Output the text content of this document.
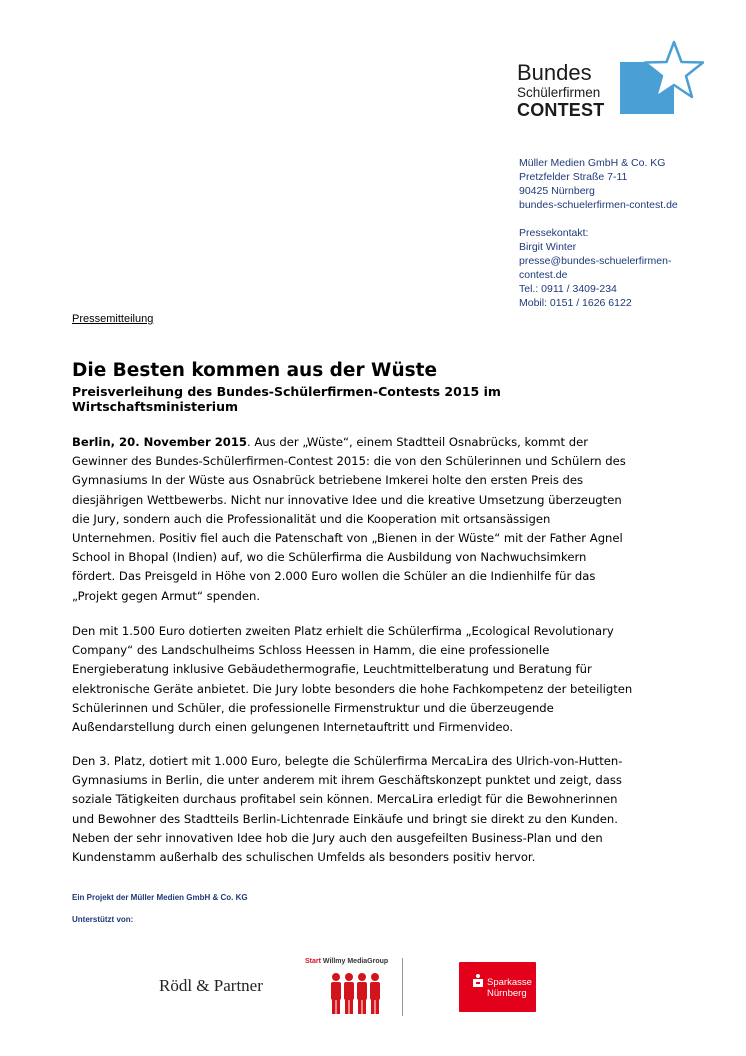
Bundes
Schülerfirmen
CONTEST
Müller Medien GmbH & Co. KG
Pretzfelder Straße 7-11
90425 Nürnberg
bundes-schuelerfirmen-contest.de
Pressekontakt:
Birgit Winter
presse@bundes-schuelerfirmen-
contest.de
Tel.: 0911 / 3409-234
Mobil: 0151 / 1626 6122
Pressemitteilung
Die Besten kommen aus der Wüste
Preisverleihung des Bundes-Schülerfirmen-Contests 2015 im Wirtschaftsministerium
Berlin, 20. November 2015. Aus der „Wüste“, einem Stadtteil Osnabrücks, kommt der
Gewinner des Bundes-Schülerfirmen-Contest 2015: die von den Schülerinnen und Schülern des
Gymnasiums In der Wüste aus Osnabrück betriebene Imkerei holte den ersten Preis des
diesjährigen Wettbewerbs. Nicht nur innovative Idee und die kreative Umsetzung überzeugten
die Jury, sondern auch die Professionalität und die Kooperation mit ortsansässigen
Unternehmen. Positiv fiel auch die Patenschaft von „Bienen in der Wüste“ mit der Father Agnel
School in Bhopal (Indien) auf, wo die Schülerfirma die Ausbildung von Nachwuchsimkern
fördert. Das Preisgeld in Höhe von 2.000 Euro wollen die Schüler an die Indienhilfe für das
„Projekt gegen Armut“ spenden.
Den mit 1.500 Euro dotierten zweiten Platz erhielt die Schülerfirma „Ecological Revolutionary
Company“ des Landschulheims Schloss Heessen in Hamm, die eine professionelle
Energieberatung inklusive Gebäudethermografie, Leuchtmittelberatung und Beratung für
elektronische Geräte anbietet. Die Jury lobte besonders die hohe Fachkompetenz der beteiligten
Schülerinnen und Schüler, die professionelle Firmenstruktur und die überzeugende
Außendarstellung durch einen gelungenen Internetauftritt und Firmenvideo.
Den 3. Platz, dotiert mit 1.000 Euro, belegte die Schülerfirma MercaLira des Ulrich-von-Hutten-
Gymnasiums in Berlin, die unter anderem mit ihrem Geschäftskonzept punktet und zeigt, dass
soziale Tätigkeiten durchaus profitabel sein können. MercaLira erledigt für die Bewohnerinnen
und Bewohner des Stadtteils Berlin-Lichtenrade Einkäufe und bringt sie direkt zu den Kunden.
Neben der sehr innovativen Idee hob die Jury auch den ausgefeilten Business-Plan und den
Kundenstamm außerhalb des schulischen Umfelds als besonders positiv hervor.
Ein Projekt der Müller Medien GmbH & Co. KG
Unterstützt von:
Rödl & Partner
Start Willmy MediaGroup
Sparkasse
Nürnberg
